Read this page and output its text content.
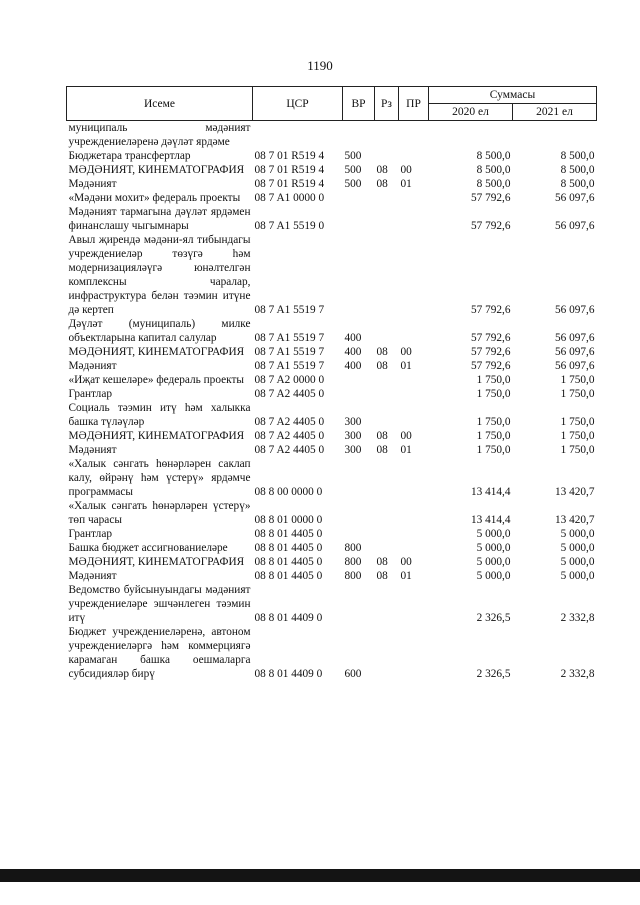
1190
Исеме	ЦСР	ВР	Рз	ПР	Суммасы	
					2020 ел	2021 ел
муниципаль мәдәният учреждениеләренә дәүләт ярдәме						
Бюджетара трансфертлар	08 7 01 R519 4	500			8 500,0	8 500,0
МӘДӘНИЯТ, КИНЕМАТОГРАФИЯ	08 7 01 R519 4	500	08	00	8 500,0	8 500,0
Мәдәният	08 7 01 R519 4	500	08	01	8 500,0	8 500,0
«Мәдәни мохит» федераль проекты	08 7 A1 0000 0				57 792,6	56 097,6
Мәдәният тармагына дәүләт ярдәмен финанслашу чыгымнары	08 7 A1 5519 0				57 792,6	56 097,6
Авыл җирендә мәдәни-ял тибындагы учреждениеләр төзүгә һәм модернизацияләүгә юнәлтелгән комплексны чаралар, инфраструктура белән тәэмин итүне дә кертеп	08 7 A1 5519 7				57 792,6	56 097,6
Дәүләт (муниципаль) милке объектларына капитал салулар	08 7 A1 5519 7	400			57 792,6	56 097,6
МӘДӘНИЯТ, КИНЕМАТОГРАФИЯ	08 7 A1 5519 7	400	08	00	57 792,6	56 097,6
Мәдәният	08 7 A1 5519 7	400	08	01	57 792,6	56 097,6
«Иҗат кешеләре» федераль проекты	08 7 A2 0000 0				1 750,0	1 750,0
Грантлар	08 7 A2 4405 0				1 750,0	1 750,0
Социаль тәэмин итү һәм халыкка башка түләүләр	08 7 A2 4405 0	300			1 750,0	1 750,0
МӘДӘНИЯТ, КИНЕМАТОГРАФИЯ	08 7 A2 4405 0	300	08	00	1 750,0	1 750,0
Мәдәният	08 7 A2 4405 0	300	08	01	1 750,0	1 750,0
«Халык сәнгать һөнәрләрен саклап калу, өйрәнү һәм үстерү» ярдәмче программасы	08 8 00 0000 0				13 414,4	13 420,7
«Халык сәнгать һөнәрләрен үстерү» төп чарасы	08 8 01 0000 0				13 414,4	13 420,7
Грантлар	08 8 01 4405 0				5 000,0	5 000,0
Башка бюджет ассигнованиеләре	08 8 01 4405 0	800			5 000,0	5 000,0
МӘДӘНИЯТ, КИНЕМАТОГРАФИЯ	08 8 01 4405 0	800	08	00	5 000,0	5 000,0
Мәдәният	08 8 01 4405 0	800	08	01	5 000,0	5 000,0
Ведомство буйсынуындагы мәдәният учреждениеләре эшчәнлеген тәэмин итү	08 8 01 4409 0				2 326,5	2 332,8
Бюджет учреждениеләренә, автоном учреждениеләргә һәм коммерциягә карамаган башка оешмаларга субсидияләр бирү	08 8 01 4409 0	600			2 326,5	2 332,8
